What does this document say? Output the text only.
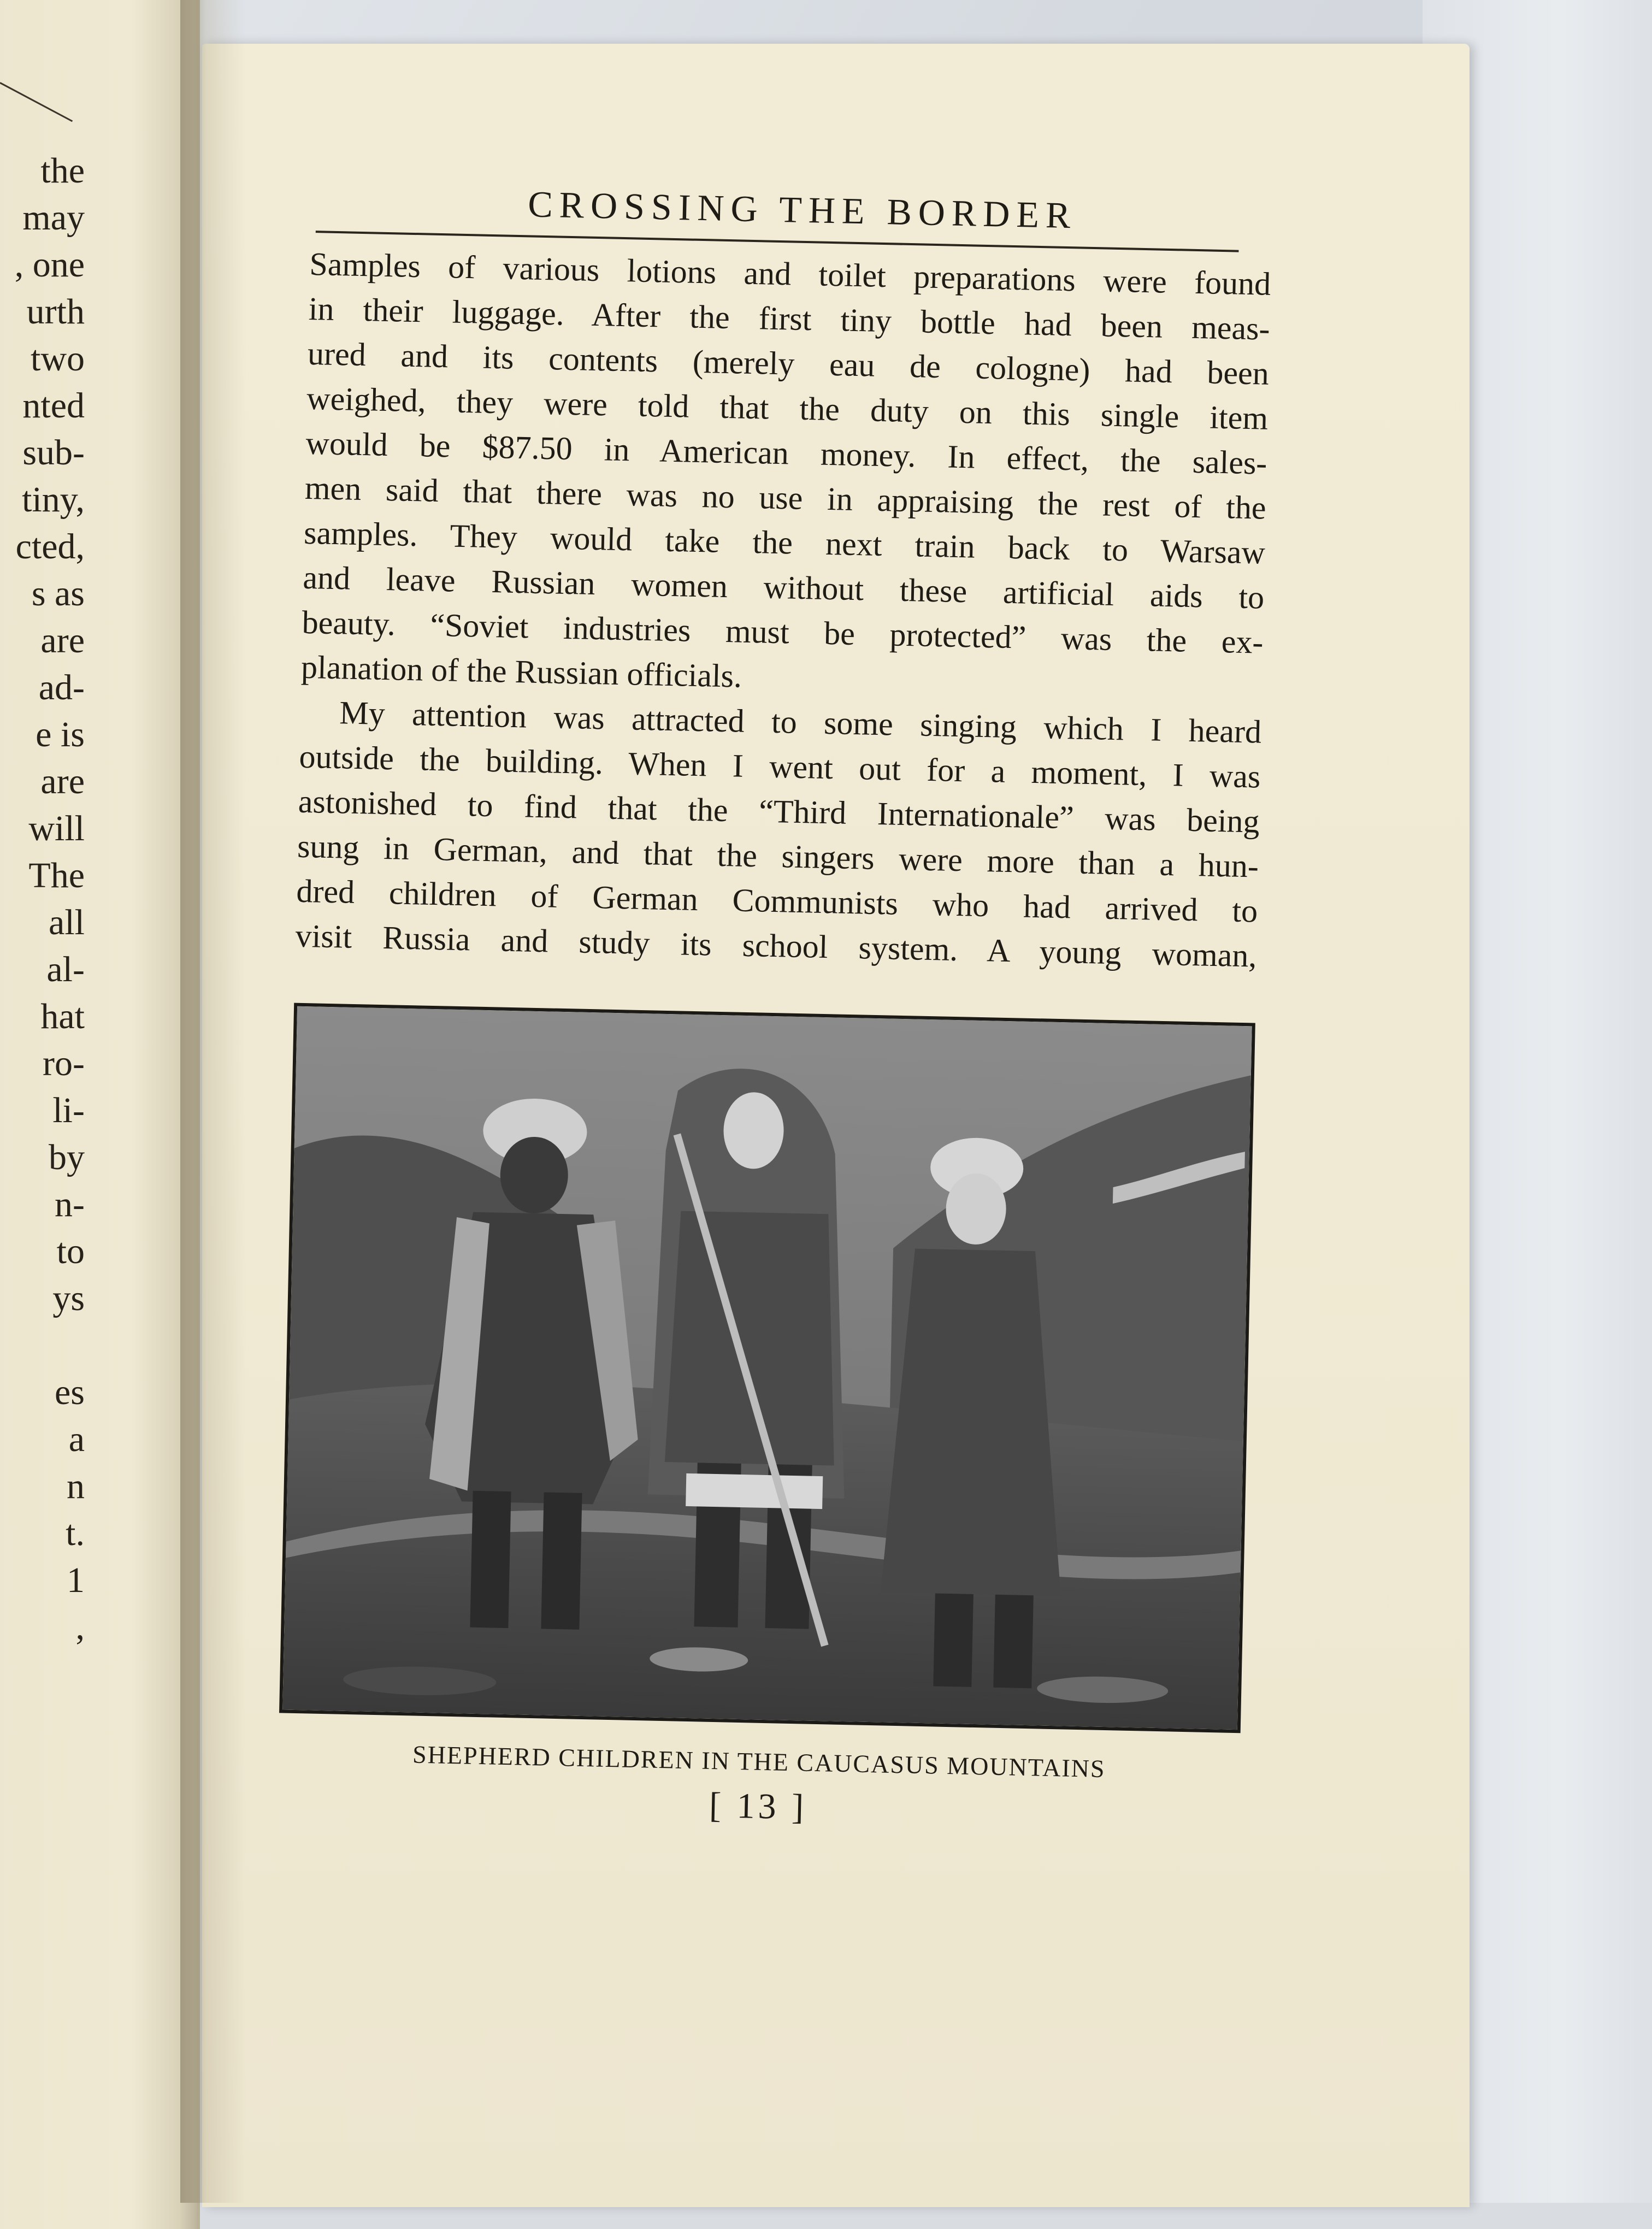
the
may
, one
urth
two
nted
sub-
tiny,
cted,
s as
are
ad-
e is
are
will
The
all
al-
hat
ro-
li-
by
n-
to
ys
es
a
n
t.
1
,
CROSSING THE BORDER

Samples of various lotions and toilet preparations were found
in their luggage. After the first tiny bottle had been meas-
ured and its contents (merely eau de cologne) had been
weighed, they were told that the duty on this single item
would be $87.50 in American money. In effect, the sales-
men said that there was no use in appraising the rest of the
samples. They would take the next train back to Warsaw
and leave Russian women without these artificial aids to
beauty. “Soviet industries must be protected” was the ex-
planation of the Russian officials.

My attention was attracted to some singing which I heard
outside the building. When I went out for a moment, I was
astonished to find that the “Third Internationale” was being
sung in German, and that the singers were more than a hun-
dred children of German Communists who had arrived to
visit Russia and study its school system. A young woman,

SHEPHERD CHILDREN IN THE CAUCASUS MOUNTAINS
[ 13 ]
